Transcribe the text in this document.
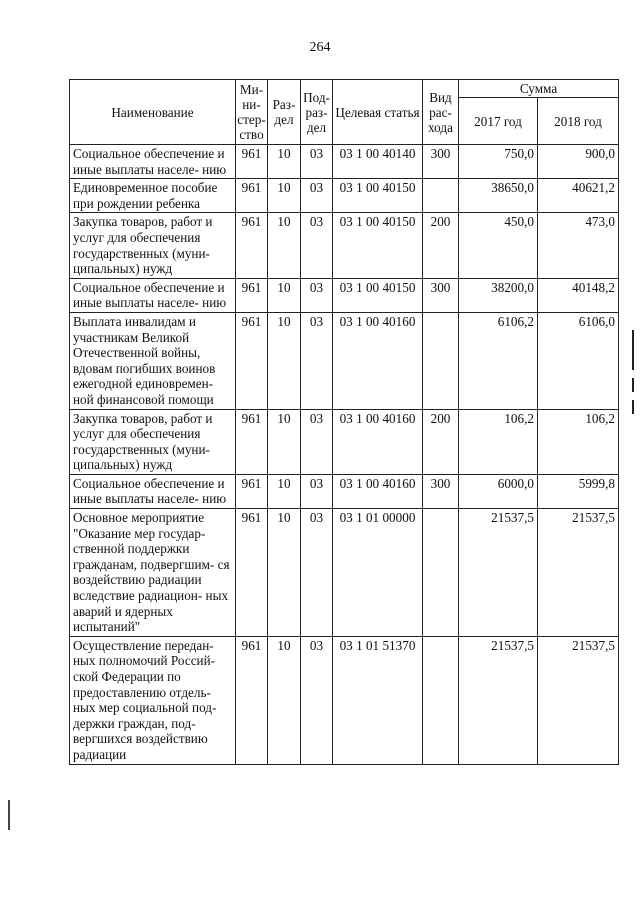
264
Наименование	Ми- ни- стер- ство	Раз- дел	Под- раз- дел	Целевая статья	Вид рас- хода	Сумма	
						2017 год	2018 год
Социальное обеспечение и иные выплаты населе- нию	961	10	03	03 1 00 40140	300	750,0	900,0
Единовременное пособие при рождении ребенка	961	10	03	03 1 00 40150		38650,0	40621,2
Закупка товаров, работ и услуг для обеспечения государственных (муни- ципальных) нужд	961	10	03	03 1 00 40150	200	450,0	473,0
Социальное обеспечение и иные выплаты населе- нию	961	10	03	03 1 00 40150	300	38200,0	40148,2
Выплата инвалидам и участникам Великой Отечественной войны, вдовам погибших воинов ежегодной единовремен- ной финансовой помощи	961	10	03	03 1 00 40160		6106,2	6106,0
Закупка товаров, работ и услуг для обеспечения государственных (муни- ципальных) нужд	961	10	03	03 1 00 40160	200	106,2	106,2
Социальное обеспечение и иные выплаты населе- нию	961	10	03	03 1 00 40160	300	6000,0	5999,8
Основное мероприятие "Оказание мер государ- ственной поддержки гражданам, подвергшим- ся воздействию радиации вследствие радиацион- ных аварий и ядерных испытаний"	961	10	03	03 1 01 00000		21537,5	21537,5
Осуществление передан- ных полномочий Россий- ской Федерации по предоставлению отдель- ных мер социальной под- держки граждан, под- вергшихся воздействию радиации	961	10	03	03 1 01 51370		21537,5	21537,5
